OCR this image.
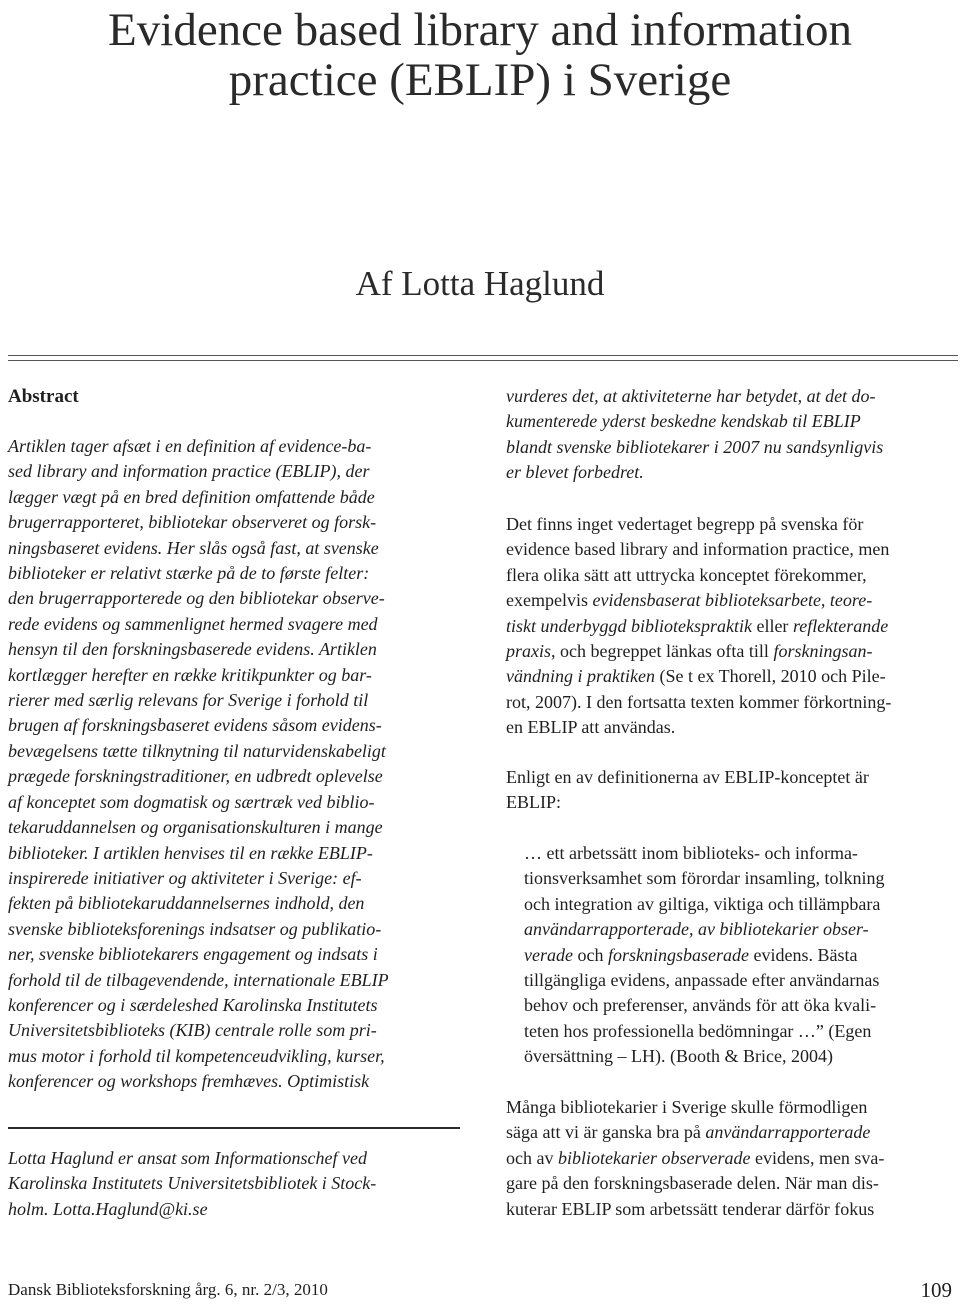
Evidence based library and information
practice (EBLIP) i Sverige
Af Lotta Haglund
Abstract
Artiklen tager afsæt i en definition af evidence-ba-
sed library and information practice (EBLIP), der
lægger vægt på en bred definition omfattende både
brugerrapporteret, bibliotekar observeret og forsk-
ningsbaseret evidens. Her slås også fast, at svenske
biblioteker er relativt stærke på de to første felter:
den brugerrapporterede og den bibliotekar observe-
rede evidens og sammenlignet hermed svagere med
hensyn til den forskningsbaserede evidens. Artiklen
kortlægger herefter en række kritikpunkter og bar-
rierer med særlig relevans for Sverige i forhold til
brugen af forskningsbaseret evidens såsom evidens-
bevægelsens tætte tilknytning til naturvidenskabeligt
prægede forskningstraditioner, en udbredt oplevelse
af konceptet som dogmatisk og særtræk ved biblio-
tekaruddannelsen og organisationskulturen i mange
biblioteker. I artiklen henvises til en række EBLIP-
inspirerede initiativer og aktiviteter i Sverige: ef-
fekten på bibliotekaruddannelsernes indhold, den
svenske biblioteksforenings indsatser og publikatio-
ner, svenske bibliotekarers engagement og indsats i
forhold til de tilbagevendende, internationale EBLIP
konferencer og i særdeleshed Karolinska Institutets
Universitetsbiblioteks (KIB) centrale rolle som pri-
mus motor i forhold til kompetenceudvikling, kurser,
konferencer og workshops fremhæves. Optimistisk
Lotta Haglund er ansat som Informationschef ved
Karolinska Institutets Universitetsbibliotek i Stock-
holm. Lotta.Haglund@ki.se
vurderes det, at aktiviteterne har betydet, at det do-
kumenterede yderst beskedne kendskab til EBLIP
blandt svenske bibliotekarer i 2007 nu sandsynligvis
er blevet forbedret.
Det finns inget vedertaget begrepp på svenska för
evidence based library and information practice, men
flera olika sätt att uttrycka konceptet förekommer,
exempelvis evidensbaserat biblioteksarbete, teore-
tiskt underbyggd bibliotekspraktik eller reflekterande
praxis, och begreppet länkas ofta till forskningsan-
vändning i praktiken (Se t ex Thorell, 2010 och Pile-
rot, 2007). I den fortsatta texten kommer förkortning-
en EBLIP att användas.
Enligt en av definitionerna av EBLIP-konceptet är
EBLIP:
… ett arbetssätt inom biblioteks- och informa-
tionsverksamhet som förordar insamling, tolkning
och integration av giltiga, viktiga och tillämpbara
användarrapporterade, av bibliotekarier obser-
verade och forskningsbaserade evidens. Bästa
tillgängliga evidens, anpassade efter användarnas
behov och preferenser, används för att öka kvali-
teten hos professionella bedömningar …” (Egen
översättning – LH). (Booth & Brice, 2004)
Många bibliotekarier i Sverige skulle förmodligen
säga att vi är ganska bra på användarrapporterade
och av bibliotekarier observerade evidens, men sva-
gare på den forskningsbaserade delen. När man dis-
kuterar EBLIP som arbetssätt tenderar därför fokus
Dansk Biblioteksforskning årg. 6, nr. 2/3, 2010	109
